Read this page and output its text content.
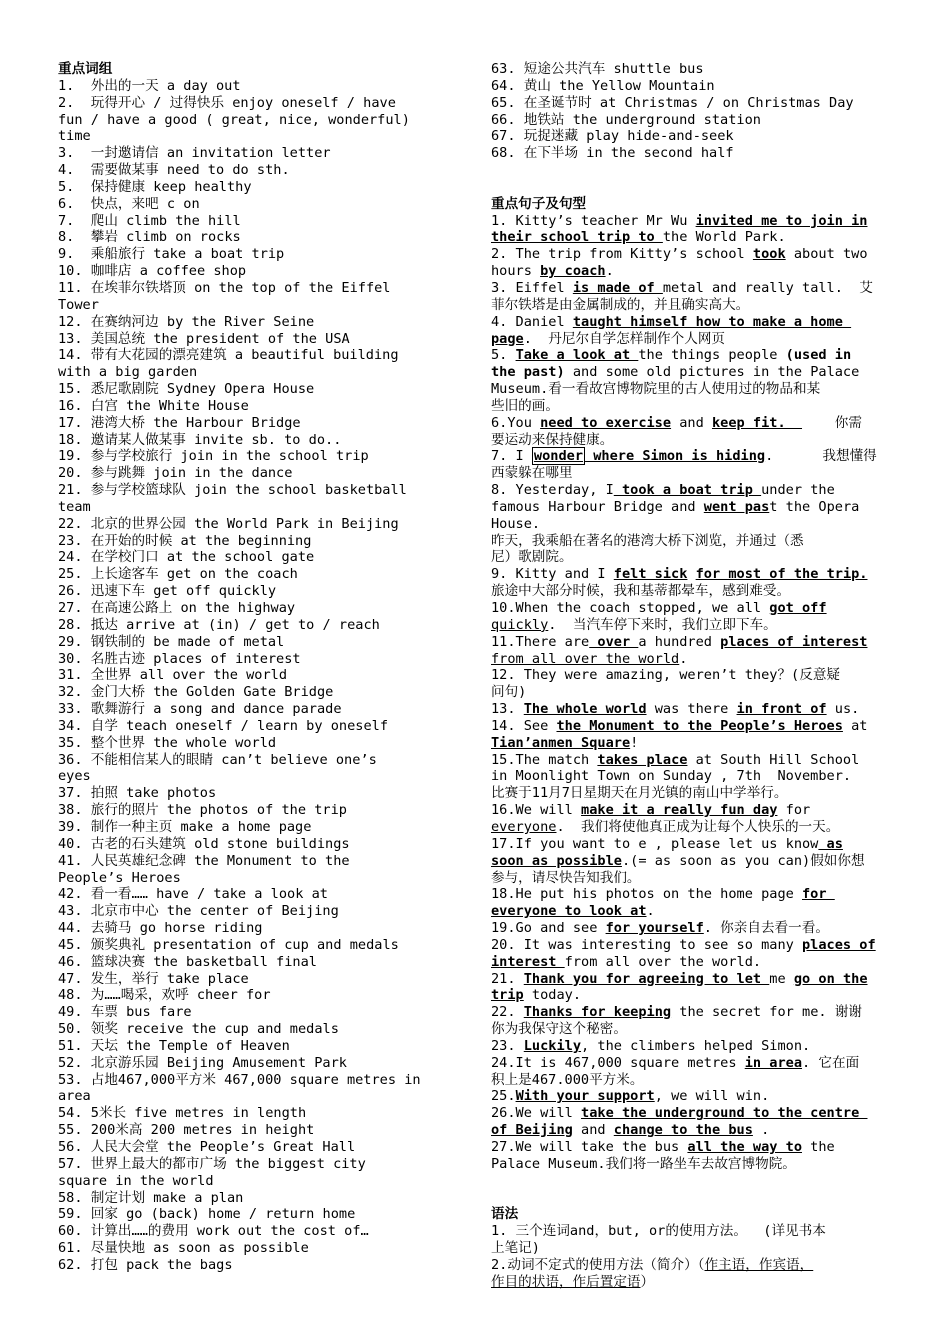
重点词组
1.  外出的一天 a day out
2.  玩得开心 / 过得快乐 enjoy oneself / have
fun / have a good ( great, nice, wonderful)
time
3.  一封邀请信 an invitation letter
4.  需要做某事 need to do sth.
5.  保持健康 keep healthy
6.  快点，来吧 c on
7.  爬山 climb the hill
8.  攀岩 climb on rocks
9.  乘船旅行 take a boat trip
10. 咖啡店 a coffee shop
11. 在埃菲尔铁塔顶 on the top of the Eiffel
Tower
12. 在赛纳河边 by the River Seine
13. 美国总统 the president of the USA
14. 带有大花园的漂亮建筑 a beautiful building
with a big garden
15. 悉尼歌剧院 Sydney Opera House
16. 白宫 the White House
17. 港湾大桥 the Harbour Bridge
18. 邀请某人做某事 invite sb. to do..
19. 参与学校旅行 join in the school trip
20. 参与跳舞 join in the dance
21. 参与学校篮球队 join the school basketball
team
22. 北京的世界公园 the World Park in Beijing
23. 在开始的时候 at the beginning
24. 在学校门口 at the school gate
25. 上长途客车 get on the coach
26. 迅速下车 get off quickly
27. 在高速公路上 on the highway
28. 抵达 arrive at (in) / get to / reach
29. 钢铁制的 be made of metal
30. 名胜古迹 places of interest
31. 全世界 all over the world
32. 金门大桥 the Golden Gate Bridge
33. 歌舞游行 a song and dance parade
34. 自学 teach oneself / learn by oneself
35. 整个世界 the whole world
36. 不能相信某人的眼睛 can’t believe one’s
eyes
37. 拍照 take photos
38. 旅行的照片 the photos of the trip
39. 制作一种主页 make a home page
40. 古老的石头建筑 old stone buildings
41. 人民英雄纪念碑 the Monument to the
People’s Heroes
42. 看一看…… have / take a look at
43. 北京市中心 the center of Beijing
44. 去骑马 go horse riding
45. 颁奖典礼 presentation of cup and medals
46. 篮球决赛 the basketball final
47. 发生，举行 take place
48. 为……喝采，欢呼 cheer for
49. 车票 bus fare
50. 领奖 receive the cup and medals
51. 天坛 the Temple of Heaven
52. 北京游乐园 Beijing Amusement Park
53. 占地467,000平方米 467,000 square metres in
area
54. 5米长 five metres in length
55. 200米高 200 metres in height
56. 人民大会堂 the People’s Great Hall
57. 世界上最大的都市广场 the biggest city
square in the world
58. 制定计划 make a plan
59. 回家 go (back) home / return home
60. 计算出……的费用 work out the cost of…
61. 尽量快地 as soon as possible
62. 打包 pack the bags
63. 短途公共汽车 shuttle bus
64. 黄山 the Yellow Mountain
65. 在圣诞节时 at Christmas / on Christmas Day
66. 地铁站 the underground station
67. 玩捉迷藏 play hide-and-seek
68. 在下半场 in the second half
重点句子及句型
1. Kitty’s teacher Mr Wu invited me to join in
their school trip to the World Park.
2. The trip from Kitty’s school took about two
hours by coach.
3. Eiffel is made of metal and really tall.  艾
菲尔铁塔是由金属制成的，并且确实高大。
4. Daniel taught himself how to make a home
page.  丹尼尔自学怎样制作个人网页
5. Take a look at the things people (used in
the past) and some old pictures in the Palace
Museum.看一看故宫博物院里的古人使用过的物品和某
些旧的画。
6.You need to exercise and keep fit.      你需
要运动来保持健康。
7. I wonder where Simon is hiding.      我想懂得
西蒙躲在哪里
8. Yesterday, I took a boat trip under the
famous Harbour Bridge and went past the Opera
House.
昨天，我乘船在著名的港湾大桥下浏览，并通过（悉
尼）歌剧院。
9. Kitty and I felt sick for most of the trip.
旅途中大部分时候，我和基蒂都晕车，感到难受。
10.When the coach stopped, we all got off
quickly.  当汽车停下来时，我们立即下车。
11.There are over a hundred places of interest
from all over the world.
12. They were amazing, weren’t they？(反意疑
问句)
13. The whole world was there in front of us.
14. See the Monument to the People’s Heroes at
Tian’anmen Square!
15.The match takes place at South Hill School
in Moonlight Town on Sunday , 7th  November.
比赛于11月7日星期天在月光镇的南山中学举行。
16.We will make it a really fun day for
everyone.  我们将使他真正成为让每个人快乐的一天。
17.If you want to e , please let us know as
soon as possible.(= as soon as you can)假如你想
参与，请尽快告知我们。
18.He put his photos on the home page for
everyone to look at.
19.Go and see for yourself. 你亲自去看一看。
20. It was interesting to see so many places of
interest from all over the world.
21. Thank you for agreeing to let me go on the
trip today.
22. Thanks for keeping the secret for me. 谢谢
你为我保守这个秘密。
23. Luckily, the climbers helped Simon.
24.It is 467,000 square metres in area. 它在面
积上是467.000平方米。
25.With your support, we will win.
26.We will take the underground to the centre
of Beijing and change to the bus .
27.We will take the bus all the way to the
Palace Museum.我们将一路坐车去故宫博物院。
语法
1. 三个连词and，but, or的使用方法。  (详见书本
上笔记)
2.动词不定式的使用方法（简介）（作主语，作宾语，
作目的状语，作后置定语）
